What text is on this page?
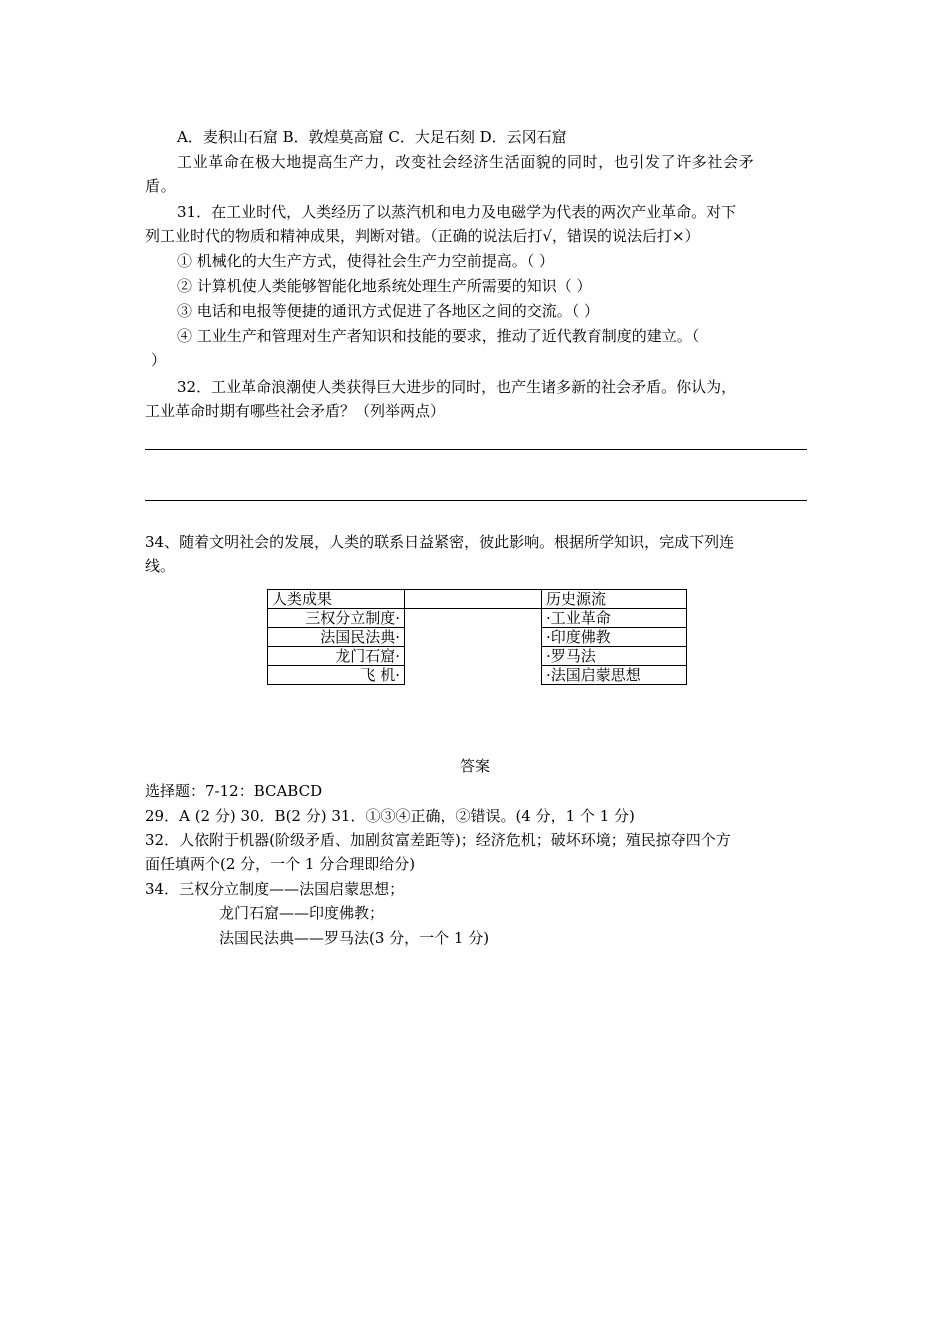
A．麦积山石窟 B．敦煌莫高窟 C．大足石刻 D．云冈石窟
工业革命在极大地提高生产力，改变社会经济生活面貌的同时，也引发了许多社会矛
盾。
31．在工业时代，人类经历了以蒸汽机和电力及电磁学为代表的两次产业革命。对下
列工业时代的物质和精神成果，判断对错。（正确的说法后打√，错误的说法后打×）
① 机械化的大生产方式，使得社会生产力空前提高。（ ）
② 计算机使人类能够智能化地系统处理生产所需要的知识（ ）
③ 电话和电报等便捷的通讯方式促进了各地区之间的交流。（ ）
④ 工业生产和管理对生产者知识和技能的要求，推动了近代教育制度的建立。（
）
32．工业革命浪潮使人类获得巨大进步的同时，也产生诸多新的社会矛盾。你认为，
工业革命时期有哪些社会矛盾？（列举两点）
34、随着文明社会的发展，人类的联系日益紧密，彼此影响。根据所学知识，完成下列连
线。
人类成果		历史源流
三权分立制度·		·工业革命
法国民法典·		·印度佛教
龙门石窟·		·罗马法
飞 机·		·法国启蒙思想
答案
选择题：7-12：BCABCD
29．A (2 分) 30．B(2 分) 31．①③④正确，②错误。(4 分，1 个 1 分)
32．人依附于机器(阶级矛盾、加剧贫富差距等)；经济危机；破坏环境；殖民掠夺四个方
面任填两个(2 分，一个 1 分合理即给分)
34．三权分立制度——法国启蒙思想；
龙门石窟——印度佛教；
法国民法典——罗马法(3 分，一个 1 分)
